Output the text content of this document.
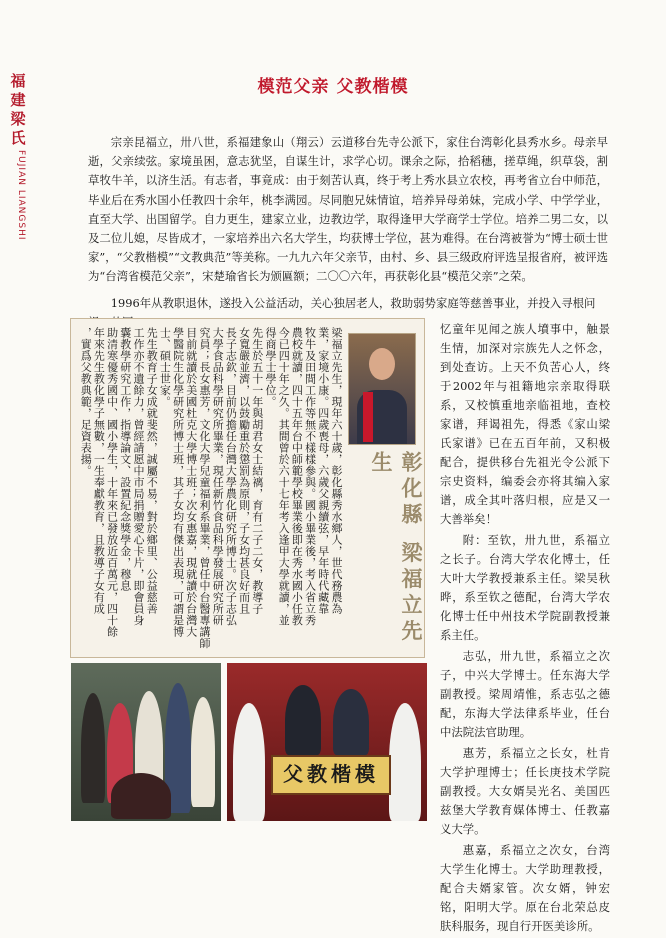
福建梁氏
FUJIAN LIANGSHI
模范父亲 父教楷模

宗亲昆福立，卅八世，系福建象山（翔云）云道移台先寺公派下，家住台湾彰化县秀水乡。母亲早逝，父亲续弦。家境虽困，意志犹坚，自谋生计，求学心切。课余之际，拾稻穗，搓草绳，织草袋，割草牧牛羊，以济生活。有志者，事竟成：由于刻苦认真，终于考上秀水县立农校，再考省立台中师范，毕业后在秀水国小任教四十余年，桃李满园。尽同胞兄妹情谊，培养异母弟妹，完成小学、中学学业，直至大学、出国留学。自力更生，建家立业，边教边学，取得逢甲大学商学士学位。培养二男二女，以及二位儿媳，尽皆成才，一家培养出六名大学生，均获博士学位，甚为难得。在台湾被誉为“博士硕士世家”，“父教楷模”“文教典范”等美称。一九九六年父亲节，由村、乡、县三级政府评选呈报省府，被评选为“台湾省模范父亲”，宋楚瑜省长为颁匾额；二〇〇六年，再获彰化县“模范父亲”之荣。

1996年从教职退休，遂投入公益活动，关心独居老人，救助弱势家庭等慈善事业，并投入寻根问
彰化縣 梁福立先生
梁福立先生，現年六十歲，彰化縣秀水鄉人，世代務農為
業，家境小康。四歲喪母，六歲父親續弦，早年時代藏靠
牧牛及田間工作等無不樣樣參與。國小畢業後，考入省立秀
農校就讀，四十五年台中師範學校畢業後即在秀水國小任教
今已四十年之久。其間曾於六十七年考入逢甲大學就讀，並
得商學士學位。
先生於五十一年與胡君女士結褵，育有二子二女，教導子
女寬嚴並濟，以鼓勵重於懲罰為原則，子女均甚良好而且
長子志欽，目前仍擔任台灣大學農化研究所博士。次子志弘
大學食品科學研究所畢業，現任新竹食品科學發展研究所研
究員；長女惠芳，文化大學兒童福利系畢業，曾任中台醫專講師
目前就讀於美國杜克大學博士班；次女惠嘉，現就讀於台灣大
學醫院生化學研究所博士班，其子女均有傑出表現，可謂是博
士、碩士世家。
先生教育子女成就斐然，誠屬不易，對於鄉里、公益慈善
工作亦不遺餘力，曾經請愿中市局捐贈愛心卡片，即會員身
囊教學研究工作，指導論文、設置紀念獎學金，穆息
助清寒優秀國中、國小學生，十年來已發放近百萬元，四十餘
年來先生教化學子無數，一生奉獻教育，且教導子女有成
，實爲父教典範，足資表揚。	忆童年见闻之族人墳事中，触景生情，加深对宗族先人之怀念，到处查访。上天不负苦心人，终于2002年与祖籍地宗亲取得联系，又校慎重地亲临祖地，查校家谱，拜谒祖先，得悉《家山梁氏家谱》已在五百年前，又积极配合，提供移台先祖光令公派下宗史资料，编委会亦将其编入家谱，成全其叶落归根，应是又一大善举矣！

附：至钦，卅九世，系福立之长子。台湾大学农化博士，任大叶大学教授兼系主任。梁吴秋晔，系至钦之德配，台湾大学农化博士任中州技术学院副教授兼系主任。

志弘，卅九世，系福立之次子，中兴大学博士。任东海大学副教授。梁周靖惟，系志弘之德配，东海大学法律系毕业，任台中法院法官助理。

惠芳，系福立之长女，杜肯大学护理博士；任长庚技术学院副教授。大女婿吴光名、美国匹兹堡大学教育媒体博士、任教嘉义大学。

惠嘉，系福立之次女，台湾大学生化博士。大学助理教授，配合夫婿家管。次女婿，钟宏铭，阳明大学。原在台北荣总皮肤科服务，现自行开医美诊所。

父教楷模
